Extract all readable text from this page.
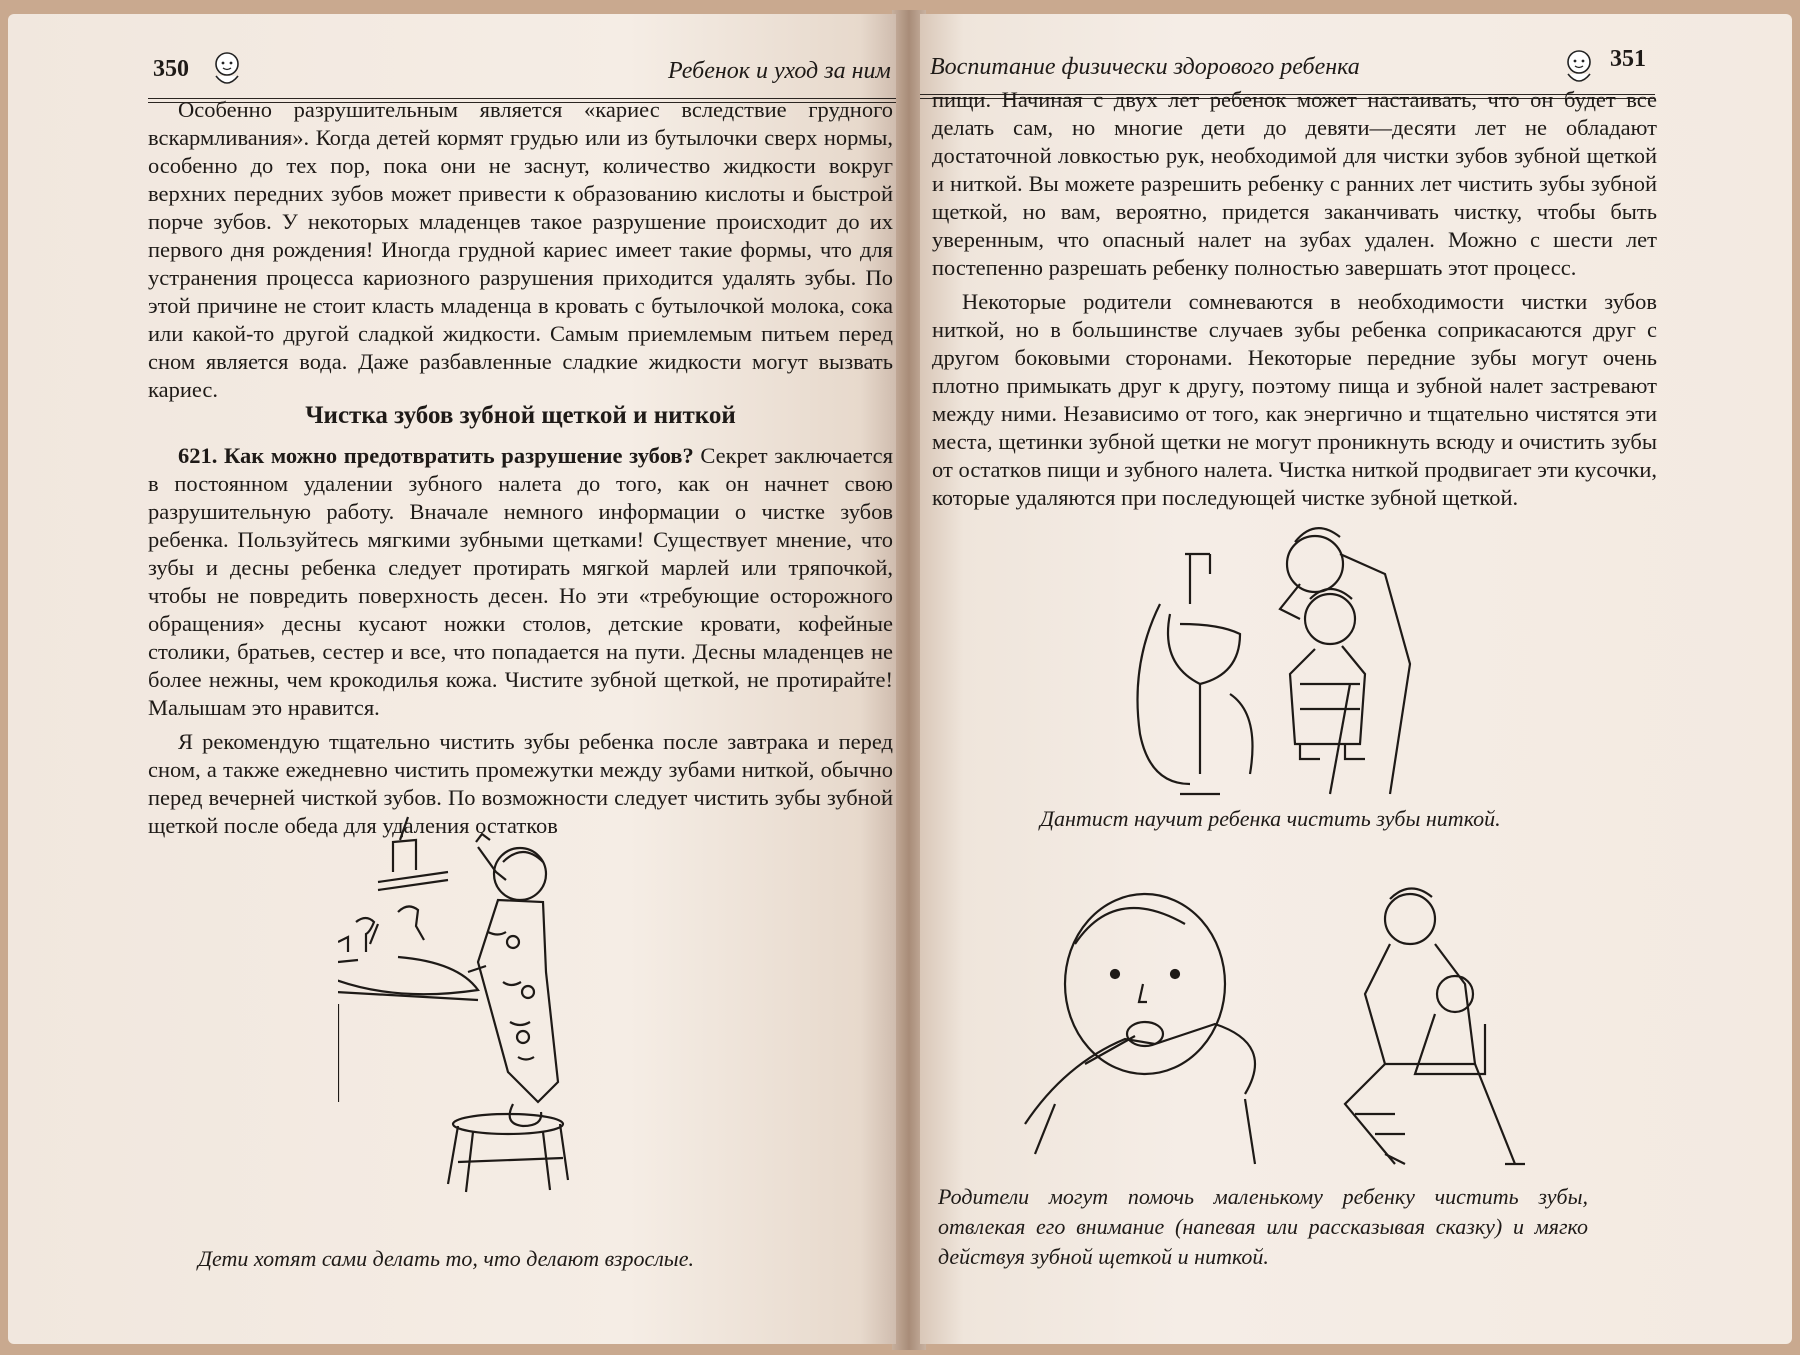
350	Ребенок и уход за ним

Особенно разрушительным является «кариес вследствие грудного вскармливания». Когда детей кормят грудью или из бутылочки сверх нормы, особенно до тех пор, пока они не заснут, количество жидкости вокруг верхних передних зубов может привести к образованию кислоты и быстрой порче зубов. У некоторых младенцев такое разрушение происходит до их первого дня рождения! Иногда грудной кариес имеет такие формы, что для устранения процесса кариозного разрушения приходится удалять зубы. По этой причине не стоит класть младенца в кровать с бутылочкой молока, сока или какой-то другой сладкой жидкости. Самым приемлемым питьем перед сном является вода. Даже разбавленные сладкие жидкости могут вызвать кариес.

Чистка зубов зубной щеткой и ниткой

621. Как можно предотвратить разрушение зубов? Секрет заключается в постоянном удалении зубного налета до того, как он начнет свою разрушительную работу. Вначале немного информации о чистке зубов ребенка. Пользуйтесь мягкими зубными щетками! Существует мнение, что зубы и десны ребенка следует протирать мягкой марлей или тряпочкой, чтобы не повредить поверхность десен. Но эти «требующие осторожного обращения» десны кусают ножки столов, детские кровати, кофейные столики, братьев, сестер и все, что попадается на пути. Десны младенцев не более нежны, чем крокодилья кожа. Чистите зубной щеткой, не протирайте! Малышам это нравится.

Я рекомендую тщательно чистить зубы ребенка после завтрака и перед сном, а также ежедневно чистить промежутки между зубами ниткой, обычно перед вечерней чисткой зубов. По возможности следует чистить зубы зубной щеткой после обеда для удаления остатков

Дети хотят сами делать то, что делают взрослые.
Воспитание физически здорового ребенка	351

пищи. Начиная с двух лет ребенок может настаивать, что он будет все делать сам, но многие дети до девяти—десяти лет не обладают достаточной ловкостью рук, необходимой для чистки зубов зубной щеткой и ниткой. Вы можете разрешить ребенку с ранних лет чистить зубы зубной щеткой, но вам, вероятно, придется заканчивать чистку, чтобы быть уверенным, что опасный налет на зубах удален. Можно с шести лет постепенно разрешать ребенку полностью завершать этот процесс.

Некоторые родители сомневаются в необходимости чистки зубов ниткой, но в большинстве случаев зубы ребенка соприкасаются друг с другом боковыми сторонами. Некоторые передние зубы могут очень плотно примыкать друг к другу, поэтому пища и зубной налет застревают между ними. Независимо от того, как энергично и тщательно чистятся эти места, щетинки зубной щетки не могут проникнуть всюду и очистить зубы от остатков пищи и зубного налета. Чистка ниткой продвигает эти кусочки, которые удаляются при последующей чистке зубной щеткой.

Дантист научит ребенка чистить зубы ниткой.
Родители могут помочь маленькому ребенку чистить зубы, отвлекая его внимание (напевая или рассказывая сказку) и мягко действуя зубной щеткой и ниткой.
